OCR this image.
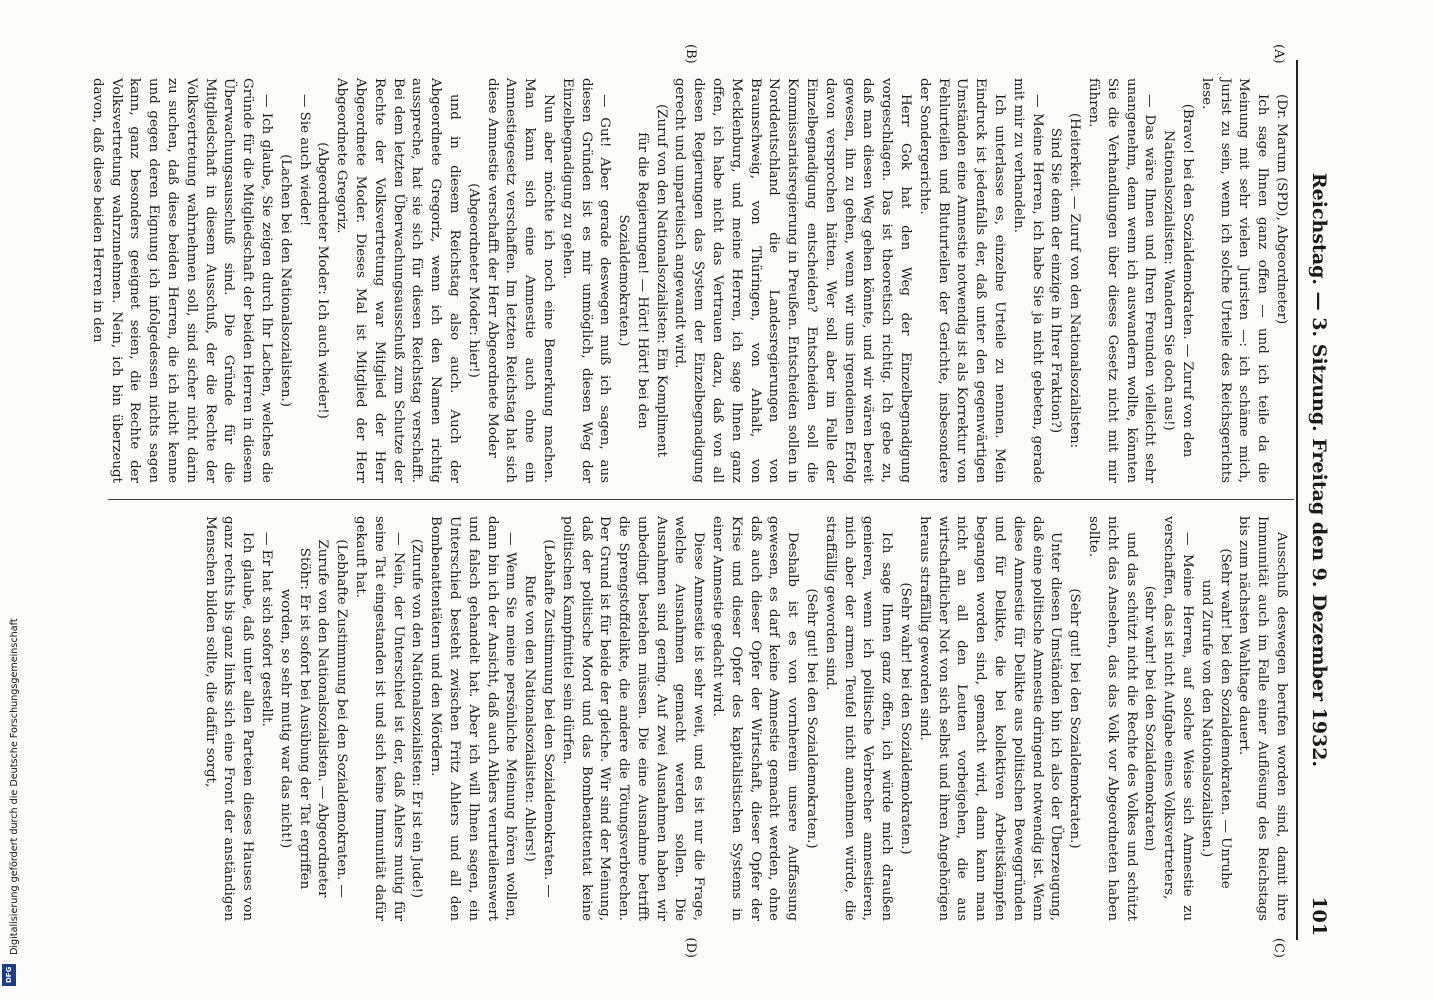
Reichstag. — 3. Sitzung. Freitag den 9. Dezember 1932.
101
(A)
(B)
(C)
(D)

(Dr. Marum (SPD), Abgeordneter)

Ich sage Ihnen ganz offen — und ich teile da die Meinung mit sehr vielen Juristen —: ich schäme mich, Jurist zu sein, wenn ich solche Urteile des Reichsgerichts lese.

(Bravo! bei den Sozialdemokraten. — Zuruf von den Nationalsozialisten: Wandern Sie doch aus!)

— Das wäre Ihnen und Ihren Freunden vielleicht sehr unangenehm, denn wenn ich auswandern wollte, könnten Sie die Verhandlungen über dieses Gesetz nicht mit mir führen.

(Heiterkeit. — Zuruf von den Nationalsozialisten: Sind Sie denn der einzige in Ihrer Fraktion?)

— Meine Herren, ich habe Sie ja nicht gebeten, gerade mit mir zu verhandeln.

Ich unterlasse es, einzelne Urteile zu nennen. Mein Eindruck ist jedenfalls der, daß unter den gegenwärtigen Umständen eine Amnestie notwendig ist als Korrektur von Fehlurteilen und Bluturteilen der Gerichte, insbesondere der Sondergerichte.

Herr Gok hat den Weg der Einzelbegnadigung vorgeschlagen. Das ist theoretisch richtig. Ich gebe zu, daß man diesen Weg gehen könnte, und wir wären bereit gewesen, ihn zu gehen, wenn wir uns irgendeinen Erfolg davon versprochen hätten. Wer soll aber im Falle der Einzelbegnadigung entscheiden? Entscheiden soll die Kommissariatsregierung in Preußen. Entscheiden sollen in Norddeutschland die Landesregierungen von Braunschweig, von Thüringen, von Anhalt, von Mecklenburg, und meine Herren, ich sage Ihnen ganz offen, ich habe nicht das Vertrauen dazu, daß von all diesen Regierungen das System der Einzelbegnadigung gerecht und unparteiisch angewandt wird.

(Zuruf von den Nationalsozialisten: Ein Kompliment für die Regierungen! — Hört! Hört! bei den Sozialdemokraten.)

— Gut! Aber gerade deswegen muß ich sagen, aus diesen Gründen ist es mir unmöglich, diesen Weg der Einzelbegnadigung zu gehen.

Nun aber möchte ich noch eine Bemerkung machen. Man kann sich eine Amnestie auch ohne ein Amnestiegesetz verschaffen. Im letzten Reichstag hat sich diese Amnestie verschafft der Herr Abgeordnete Moder

(Abgeordneter Moder: hier!)

und in diesem Reichstag also auch. Auch der Abgeordnete Gregoriz, wenn ich den Namen richtig ausspreche, hat sie sich für diesen Reichstag verschafft. Bei dem letzten Überwachungsausschuß zum Schutze der Rechte der Volksvertretung war Mitglied der Herr Abgeordnete Moder. Dieses Mal ist Mitglied der Herr Abgeordnete Gregoriz.

(Abgeordneter Moder: Ich auch wieder!)

— Sie auch wieder!

(Lachen bei den Nationalsozialisten.)

— Ich glaube, Sie zeigen durch Ihr Lachen, welches die Gründe für die Mitgliedschaft der beiden Herren in diesem Überwachungsausschuß sind. Die Gründe für die Mitgliedschaft in diesem Ausschuß, der die Rechte der Volksvertretung wahrnehmen soll, sind sicher nicht darin zu suchen, daß diese beiden Herren, die ich nicht kenne und gegen deren Eignung ich infolgedessen nichts sagen kann, ganz besonders geeignet seien, die Rechte der Volksvertretung wahrzunehmen. Nein, ich bin überzeugt davon, daß diese beiden Herren in den

Ausschuß deswegen berufen worden sind, damit ihre Immunität auch im Falle einer Auflösung des Reichstags bis zum nächsten Wahltage dauert.

(Sehr wahr! bei den Sozialdemokraten. — Unruhe und Zurufe von den Nationalsozialisten.)

— Meine Herren, auf solche Weise sich Amnestie zu verschaffen, das ist nicht Aufgabe eines Volksvertreters,

(sehr wahr! bei den Sozialdemokraten)

und das schützt nicht die Rechte des Volkes und schützt nicht das Ansehen, das das Volk vor Abgeordneten haben sollte.

(Sehr gut! bei den Sozialdemokraten.)

Unter diesen Umständen bin ich also der Überzeugung, daß eine politische Amnestie dringend notwendig ist. Wenn diese Amnestie für Delikte aus politischen Beweggründen und für Delikte, die bei kollektiven Arbeitskämpfen begangen worden sind, gemacht wird, dann kann man nicht an all den Leuten vorbeigehen, die aus wirtschaftlicher Not von sich selbst und ihren Angehörigen heraus straffällig geworden sind.

(Sehr wahr! bei den Sozialdemokraten.)

Ich sage Ihnen ganz offen, ich würde mich draußen genieren, wenn ich politische Verbrecher amnestieren, mich aber der armen Teufel nicht annehmen würde, die straffällig geworden sind.

(Sehr gut! bei den Sozialdemokraten.)

Deshalb ist es von vornherein unsere Auffassung gewesen, es darf keine Amnestie gemacht werden, ohne daß auch dieser Opfer der Wirtschaft, dieser Opfer der Krise und dieser Opfer des kapitalistischen Systems in einer Amnestie gedacht wird.

Diese Amnestie ist sehr weit, und es ist nur die Frage, welche Ausnahmen gemacht werden sollen. Die Ausnahmen sind gering. Auf zwei Ausnahmen haben wir unbedingt bestehen müssen. Die eine Ausnahme betrifft die Sprengstoffdelikte, die andere die Tötungsverbrechen. Der Grund ist für beide der gleiche. Wir sind der Meinung, daß der politische Mord und das Bombenattentat keine politischen Kampfmittel sein dürfen.

(Lebhafte Zustimmung bei den Sozialdemokraten. — Rufe von den Nationalsozialisten: Ahlers!)

— Wenn Sie meine persönliche Meinung hören wollen, dann bin ich der Ansicht, daß auch Ahlers verurteilenswert und falsch gehandelt hat. Aber ich will Ihnen sagen, ein Unterschied besteht zwischen Fritz Ahlers und all den Bombenattentätern und den Mördern.

(Zurufe von den Nationalsozialisten: Er ist ein Jude!)

— Nein, der Unterschied ist der, daß Ahlers mutig für seine Tat eingestanden ist und sich keine Immunität dafür gekauft hat.

(Lebhafte Zustimmung bei den Sozialdemokraten. — Zurufe von den Nationalsozialisten. — Abgeordneter Stöhr: Er ist sofort bei Ausübung der Tat ergriffen worden, so sehr mutig war das nicht!)

— Er hat sich sofort gestellt.

Ich glaube, daß unter allen Parteien dieses Hauses von ganz rechts bis ganz links sich eine Front der anständigen Menschen bilden sollte, die dafür sorgt,

DFG
Digitalisierung gefördert durch die Deutsche Forschungsgemeinschaft
